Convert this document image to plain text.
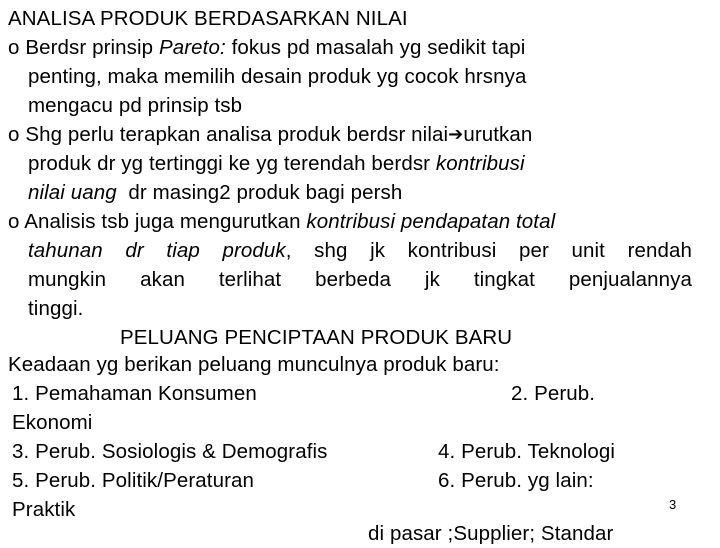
ANALISA PRODUK BERDASARKAN NILAI
o Berdsr prinsip Pareto: fokus pd masalah yg sedikit tapi
penting, maka memilih desain produk yg cocok hrsnya
mengacu pd prinsip tsb
o Shg perlu terapkan analisa produk berdsr nilai➔urutkan
produk dr yg tertinggi ke yg terendah berdsr kontribusi
nilai uang  dr masing2 produk bagi persh
o Analisis tsb juga mengurutkan kontribusi pendapatan total
tahunan dr tiap produk, shg jk kontribusi per unit rendah
mungkin akan terlihat berbeda jk tingkat penjualannya
tinggi.
PELUANG PENCIPTAAN PRODUK BARU
Keadaan yg berikan peluang munculnya produk baru:
1. Pemahaman Konsumen	2. Perub.
Ekonomi
3. Perub. Sosiologis & Demografis	4. Perub. Teknologi
5. Perub. Politik/Peraturan	6. Perub. yg lain:
Praktik	3
di pasar ;Supplier; Standar
